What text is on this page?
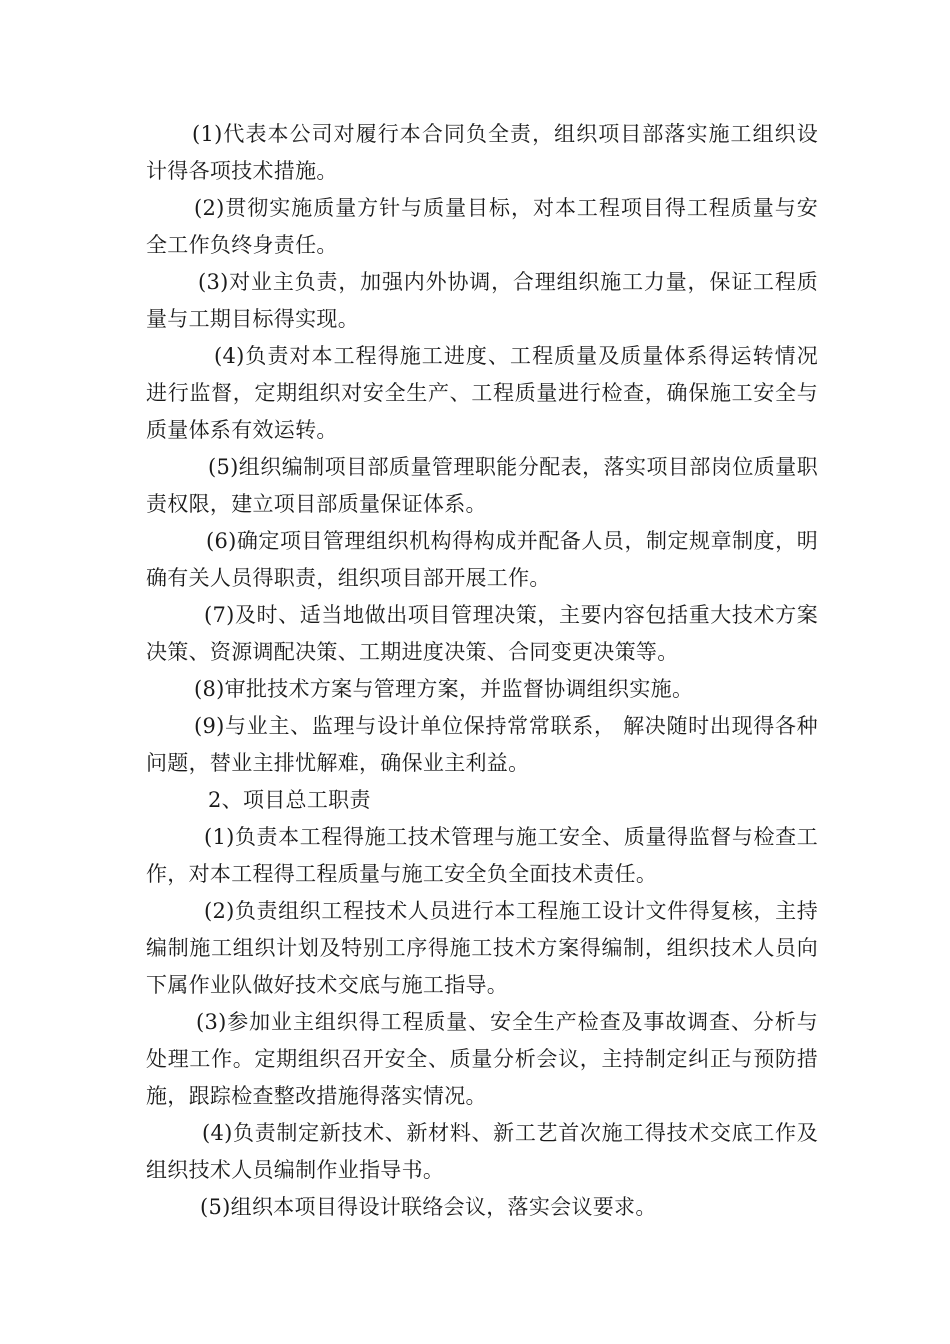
(1)代表本公司对履行本合同负全责，组织项目部落实施工组织设计得各项技术措施。

(2)贯彻实施质量方针与质量目标，对本工程项目得工程质量与安全工作负终身责任。

(3)对业主负责，加强内外协调，合理组织施工力量，保证工程质量与工期目标得实现。

(4)负责对本工程得施工进度、工程质量及质量体系得运转情况进行监督，定期组织对安全生产、工程质量进行检查，确保施工安全与质量体系有效运转。

(5)组织编制项目部质量管理职能分配表，落实项目部岗位质量职责权限，建立项目部质量保证体系。

(6)确定项目管理组织机构得构成并配备人员，制定规章制度，明确有关人员得职责，组织项目部开展工作。

(7)及时、适当地做出项目管理决策，主要内容包括重大技术方案决策、资源调配决策、工期进度决策、合同变更决策等。

(8)审批技术方案与管理方案，并监督协调组织实施。

(9)与业主、监理与设计单位保持常常联系， 解决随时出现得各种问题，替业主排忧解难，确保业主利益。

2、项目总工职责

(1)负责本工程得施工技术管理与施工安全、质量得监督与检查工作，对本工程得工程质量与施工安全负全面技术责任。

(2)负责组织工程技术人员进行本工程施工设计文件得复核，主持编制施工组织计划及特别工序得施工技术方案得编制，组织技术人员向下属作业队做好技术交底与施工指导。

(3)参加业主组织得工程质量、安全生产检查及事故调查、分析与处理工作。定期组织召开安全、质量分析会议，主持制定纠正与预防措施，跟踪检查整改措施得落实情况。

(4)负责制定新技术、新材料、新工艺首次施工得技术交底工作及组织技术人员编制作业指导书。

(5)组织本项目得设计联络会议，落实会议要求。
